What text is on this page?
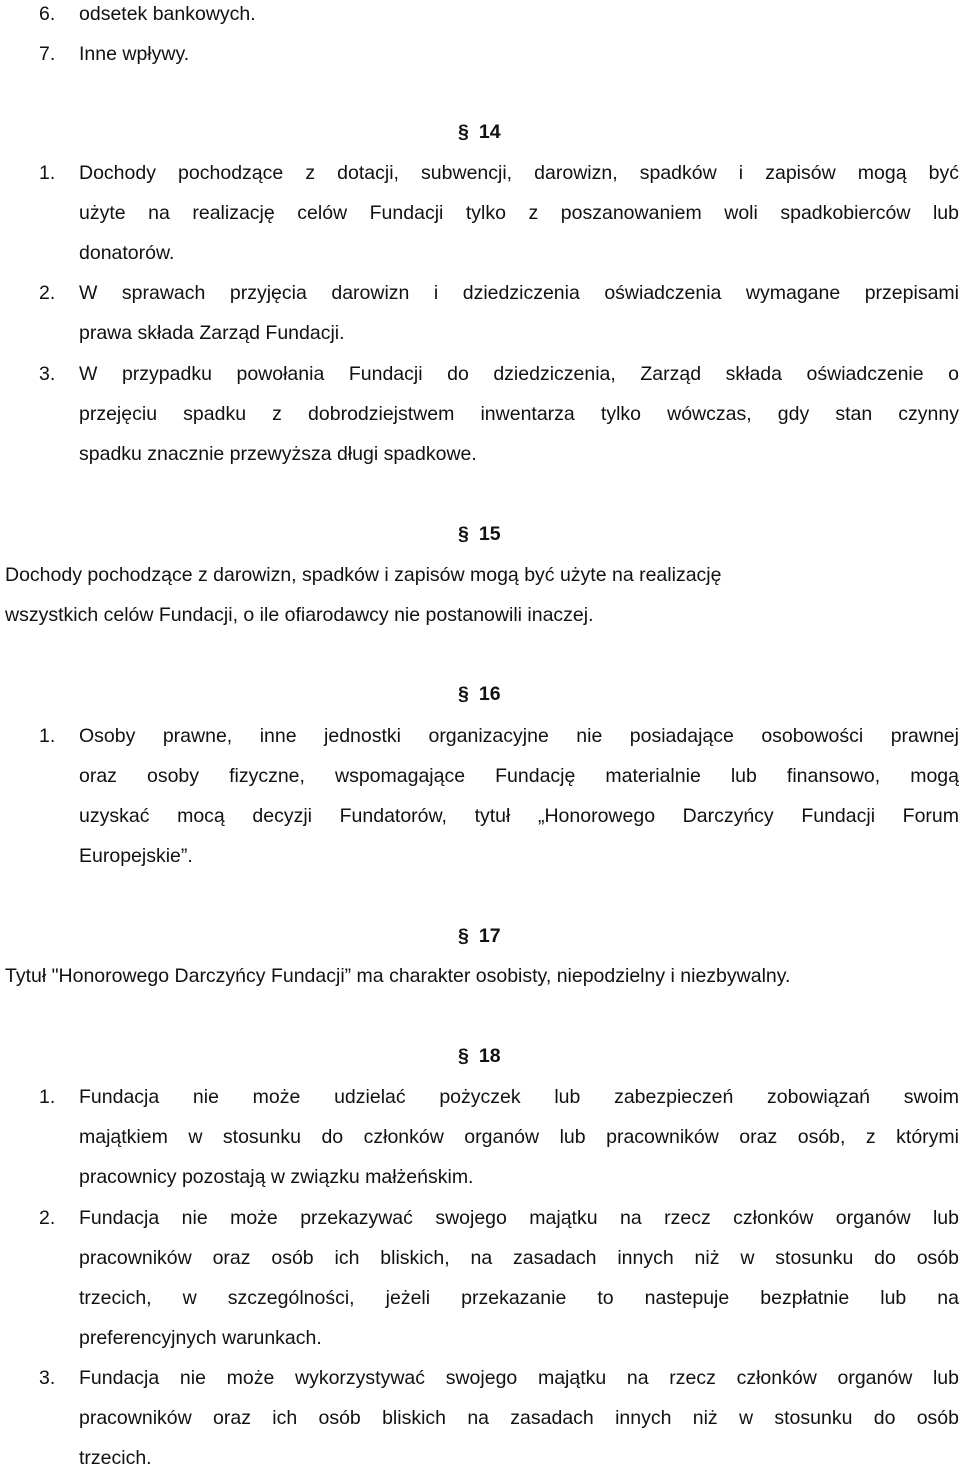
6. odsetek bankowych.
7. Inne wpływy.
§ 14
1. Dochody pochodzące z dotacji, subwencji, darowizn, spadków i zapisów mogą być
użyte na realizację celów Fundacji tylko z poszanowaniem woli spadkobierców lub
donatorów.
2. W sprawach przyjęcia darowizn i dziedziczenia oświadczenia wymagane przepisami
prawa składa Zarząd Fundacji.
3. W przypadku powołania Fundacji do dziedziczenia, Zarząd składa oświadczenie o
przejęciu spadku z dobrodziejstwem inwentarza tylko wówczas, gdy stan czynny
spadku znacznie przewyższa długi spadkowe.
§ 15
Dochody pochodzące z darowizn, spadków i zapisów mogą być użyte na realizację
wszystkich celów Fundacji, o ile ofiarodawcy nie postanowili inaczej.
§ 16
1. Osoby prawne, inne jednostki organizacyjne nie posiadające osobowości prawnej
oraz osoby fizyczne, wspomagające Fundację materialnie lub finansowo, mogą
uzyskać mocą decyzji Fundatorów, tytuł „Honorowego Darczyńcy Fundacji Forum
Europejskie”.
§ 17
Tytuł "Honorowego Darczyńcy Fundacji” ma charakter osobisty, niepodzielny i niezbywalny.
§ 18
1. Fundacja nie może udzielać pożyczek lub zabezpieczeń zobowiązań swoim
majątkiem w stosunku do członków organów lub pracowników oraz osób, z którymi
pracownicy pozostają w związku małżeńskim.
2. Fundacja nie może przekazywać swojego majątku na rzecz członków organów lub
pracowników oraz osób ich bliskich, na zasadach innych niż w stosunku do osób
trzecich, w szczególności, jeżeli przekazanie to nastepuje bezpłatnie lub na
preferencyjnych warunkach.
3. Fundacja nie może wykorzystywać swojego majątku na rzecz członków organów lub
pracowników oraz ich osób bliskich na zasadach innych niż w stosunku do osób
trzecich.
